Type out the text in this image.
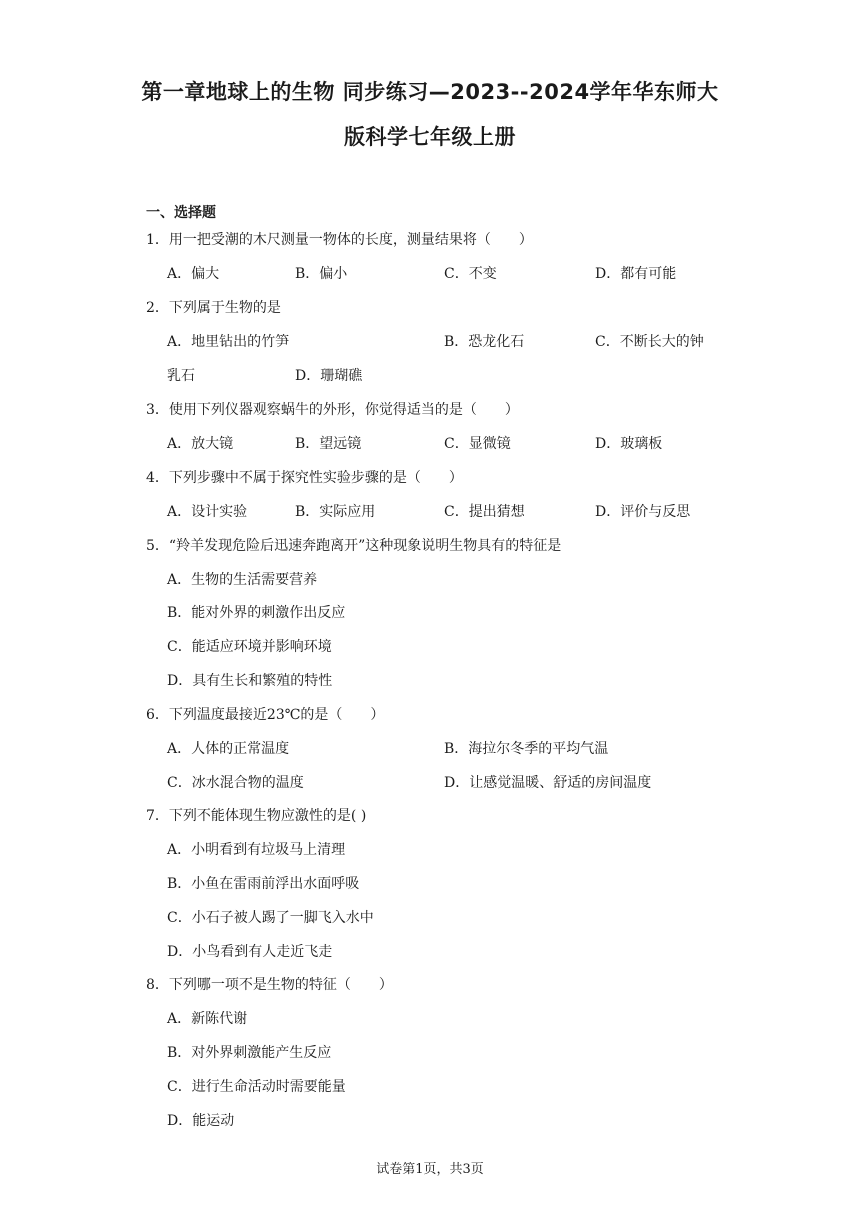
第一章地球上的生物 同步练习—2023--2024学年华东师大
版科学七年级上册
一、选择题
1．用一把受潮的木尺测量一物体的长度，测量结果将（　　）
A．偏大	B．偏小	C．不变	D．都有可能
2．下列属于生物的是
A．地里钻出的竹笋	B．恐龙化石	C．不断长大的钟
乳石	D．珊瑚礁
3．使用下列仪器观察蜗牛的外形，你觉得适当的是（　　）
A．放大镜	B．望远镜	C．显微镜	D．玻璃板
4．下列步骤中不属于探究性实验步骤的是（　　）
A．设计实验	B．实际应用	C．提出猜想	D．评价与反思
5．“羚羊发现危险后迅速奔跑离开”这种现象说明生物具有的特征是
A．生物的生活需要营养
B．能对外界的刺激作出反应
C．能适应环境并影响环境
D．具有生长和繁殖的特性
6．下列温度最接近23℃的是（　　）
A．人体的正常温度	B．海拉尔冬季的平均气温
C．冰水混合物的温度	D．让感觉温暖、舒适的房间温度
7．下列不能体现生物应激性的是( )
A．小明看到有垃圾马上清理
B．小鱼在雷雨前浮出水面呼吸
C．小石子被人踢了一脚飞入水中
D．小鸟看到有人走近飞走
8．下列哪一项不是生物的特征（　　）
A．新陈代谢
B．对外界刺激能产生反应
C．进行生命活动时需要能量
D．能运动
试卷第1页，共3页
